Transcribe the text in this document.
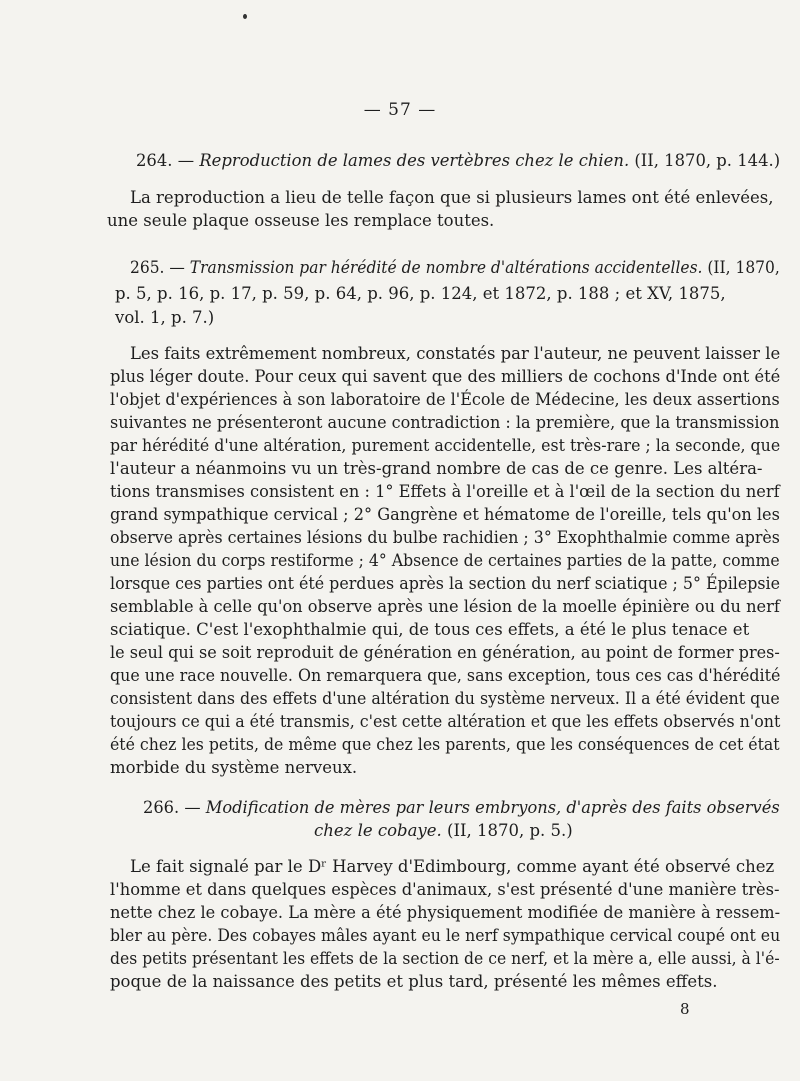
— 57 —
264. — Reproduction de lames des vertèbres chez le chien. (II, 1870, p. 144.)
La reproduction a lieu de telle façon que si plusieurs lames ont été enlevées,
une seule plaque osseuse les remplace toutes.
265. — Transmission par hérédité de nombre d'altérations accidentelles. (II, 1870,
p. 5, p. 16, p. 17, p. 59, p. 64, p. 96, p. 124, et 1872, p. 188 ; et XV, 1875,
vol. 1, p. 7.)
Les faits extrêmement nombreux, constatés par l'auteur, ne peuvent laisser le
plus léger doute. Pour ceux qui savent que des milliers de cochons d'Inde ont été
l'objet d'expériences à son laboratoire de l'École de Médecine, les deux assertions
suivantes ne présenteront aucune contradiction : la première, que la transmission
par hérédité d'une altération, purement accidentelle, est très-rare ; la seconde, que
l'auteur a néanmoins vu un très-grand nombre de cas de ce genre. Les altéra-
tions transmises consistent en : 1° Effets à l'oreille et à l'œil de la section du nerf
grand sympathique cervical ; 2° Gangrène et hématome de l'oreille, tels qu'on les
observe après certaines lésions du bulbe rachidien ; 3° Exophthalmie comme après
une lésion du corps restiforme ; 4° Absence de certaines parties de la patte, comme
lorsque ces parties ont été perdues après la section du nerf sciatique ; 5° Épilepsie
semblable à celle qu'on observe après une lésion de la moelle épinière ou du nerf
sciatique. C'est l'exophthalmie qui, de tous ces effets, a été le plus tenace et
le seul qui se soit reproduit de génération en génération, au point de former pres-
que une race nouvelle. On remarquera que, sans exception, tous ces cas d'hérédité
consistent dans des effets d'une altération du système nerveux. Il a été évident que
toujours ce qui a été transmis, c'est cette altération et que les effets observés n'ont
été chez les petits, de même que chez les parents, que les conséquences de cet état
morbide du système nerveux.
266. — Modification de mères par leurs embryons, d'après des faits observés
chez le cobaye. (II, 1870, p. 5.)
Le fait signalé par le Dʳ Harvey d'Edimbourg, comme ayant été observé chez
l'homme et dans quelques espèces d'animaux, s'est présenté d'une manière très-
nette chez le cobaye. La mère a été physiquement modifiée de manière à ressem-
bler au père. Des cobayes mâles ayant eu le nerf sympathique cervical coupé ont eu
des petits présentant les effets de la section de ce nerf, et la mère a, elle aussi, à l'é-
poque de la naissance des petits et plus tard, présenté les mêmes effets.
8
